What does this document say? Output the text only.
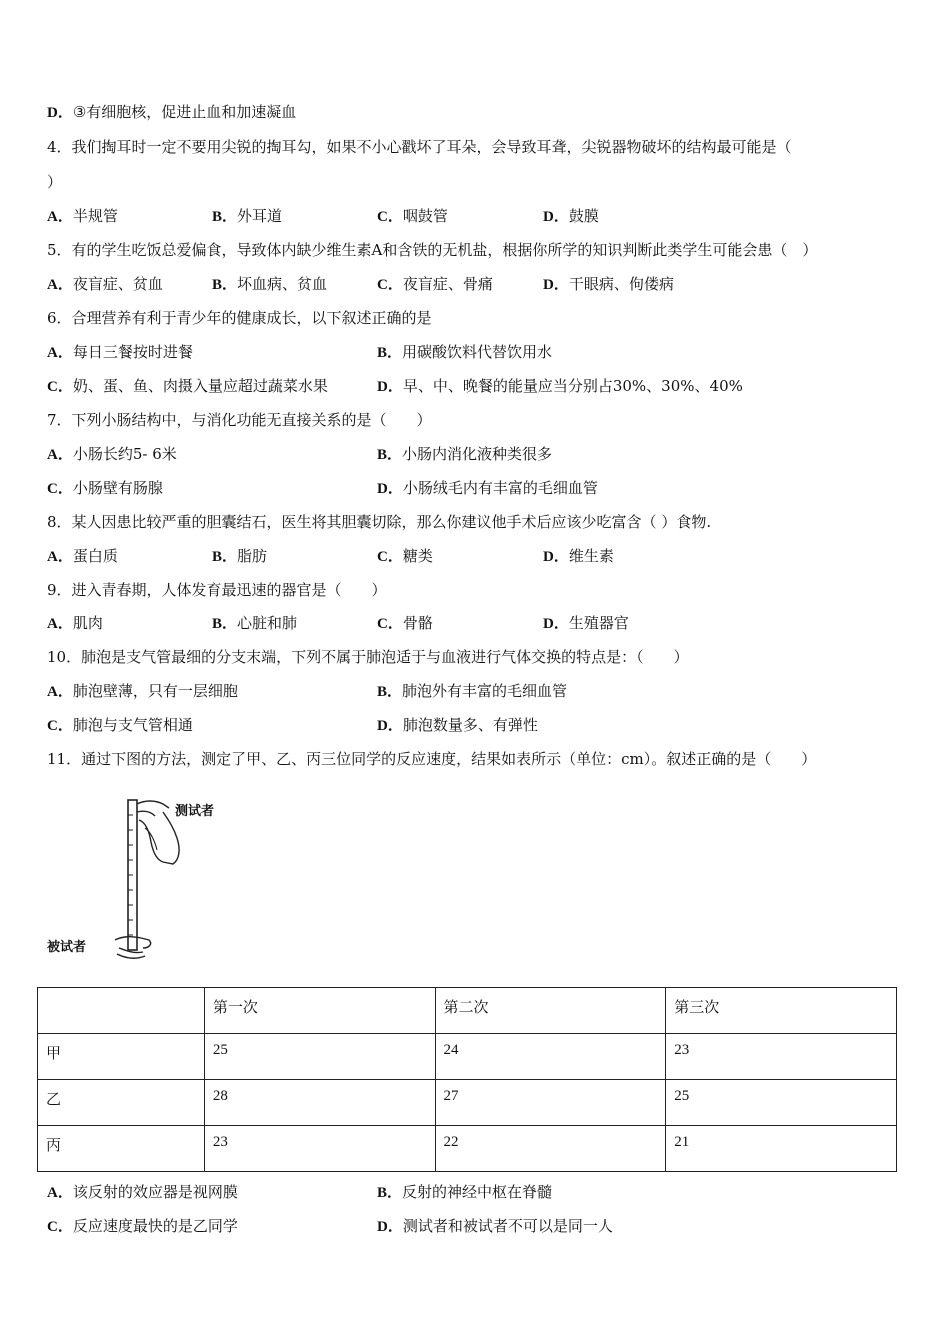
D．③有细胞核，促进止血和加速凝血
4．我们掏耳时一定不要用尖锐的掏耳勾，如果不小心戳坏了耳朵，会导致耳聋，尖锐器物破坏的结构最可能是（
）
A．半规管	B．外耳道	C．咽鼓管	D．鼓膜
5．有的学生吃饭总爱偏食，导致体内缺少维生素A和含铁的无机盐，根据你所学的知识判断此类学生可能会患（　）
A．夜盲症、贫血	B．坏血病、贫血	C．夜盲症、骨痛	D．干眼病、佝偻病
6．合理营养有利于青少年的健康成长，以下叙述正确的是
A．每日三餐按时进餐	B．用碳酸饮料代替饮用水
C．奶、蛋、鱼、肉摄入量应超过蔬菜水果	D．早、中、晚餐的能量应当分别占30%、30%、40%
7．下列小肠结构中，与消化功能无直接关系的是（　　）
A．小肠长约5- 6米	B．小肠内消化液种类很多
C．小肠壁有肠腺	D．小肠绒毛内有丰富的毛细血管
8．某人因患比较严重的胆囊结石，医生将其胆囊切除，那么你建议他手术后应该少吃富含（ ）食物.
A．蛋白质	B．脂肪	C．糖类	D．维生素
9．进入青春期，人体发育最迅速的器官是（　　）
A．肌肉	B．心脏和肺	C．骨骼	D．生殖器官
10．肺泡是支气管最细的分支末端，下列不属于肺泡适于与血液进行气体交换的特点是：（　　）
A．肺泡壁薄，只有一层细胞	B．肺泡外有丰富的毛细血管
C．肺泡与支气管相通	D．肺泡数量多、有弹性
11．通过下图的方法，测定了甲、乙、丙三位同学的反应速度，结果如表所示（单位：cm）。叙述正确的是（　　）
测试者
被试者
	第一次	第二次	第三次
甲	25	24	23
乙	28	27	25
丙	23	22	21
A．该反射的效应器是视网膜	B．反射的神经中枢在脊髓
C．反应速度最快的是乙同学	D．测试者和被试者不可以是同一人
